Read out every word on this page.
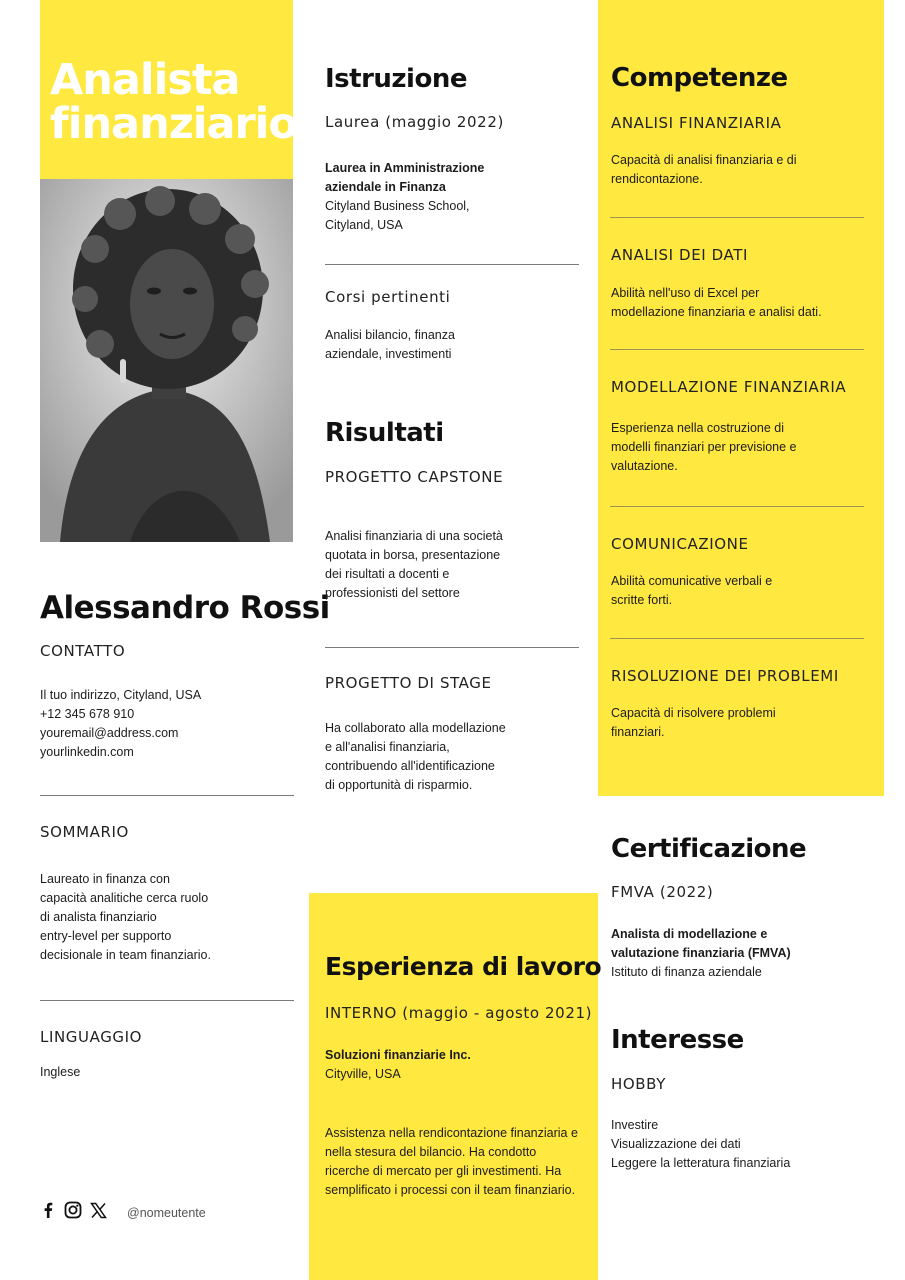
Analista
finanziario
Alessandro Rossi
CONTATTO
Il tuo indirizzo, Cityland, USA
+12 345 678 910
youremail@address.com
yourlinkedin.com
SOMMARIO
Laureato in finanza con
capacità analitiche cerca ruolo
di analista finanziario
entry-level per supporto
decisionale in team finanziario.
LINGUAGGIO
Inglese
@nomeutente
Istruzione
Laurea (maggio 2022)
Laurea in Amministrazione
aziendale in Finanza
Cityland Business School,
Cityland, USA
Corsi pertinenti
Analisi bilancio, finanza
aziendale, investimenti
Risultati
PROGETTO CAPSTONE
Analisi finanziaria di una società
quotata in borsa, presentazione
dei risultati a docenti e
professionisti del settore
PROGETTO DI STAGE
Ha collaborato alla modellazione
e all'analisi finanziaria,
contribuendo all'identificazione
di opportunità di risparmio.
Esperienza di lavoro
INTERNO (maggio - agosto 2021)
Soluzioni finanziarie Inc.
Cityville, USA
Assistenza nella rendicontazione finanziaria e
nella stesura del bilancio. Ha condotto
ricerche di mercato per gli investimenti. Ha
semplificato i processi con il team finanziario.
Competenze
ANALISI FINANZIARIA
Capacità di analisi finanziaria e di
rendicontazione.
ANALISI DEI DATI
Abilità nell'uso di Excel per
modellazione finanziaria e analisi dati.
MODELLAZIONE FINANZIARIA
Esperienza nella costruzione di
modelli finanziari per previsione e
valutazione.
COMUNICAZIONE
Abilità comunicative verbali e
scritte forti.
RISOLUZIONE DEI PROBLEMI
Capacità di risolvere problemi
finanziari.
Certificazione
FMVA (2022)
Analista di modellazione e
valutazione finanziaria (FMVA)
Istituto di finanza aziendale
Interesse
HOBBY
Investire
Visualizzazione dei dati
Leggere la letteratura finanziaria
